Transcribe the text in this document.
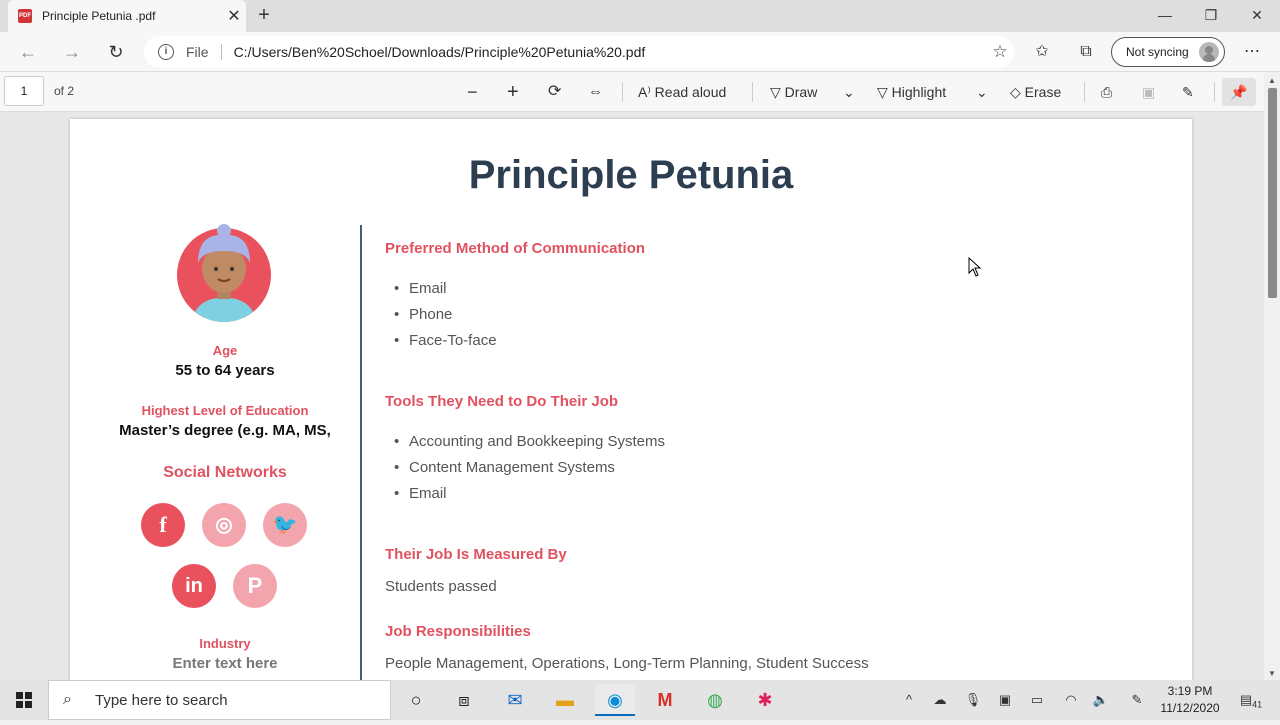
PDF Principle Petunia .pdf	✕ +	—	❐	✕
← →	↻	i	File	C:/Users/Ben%20Schoel/Downloads/Principle%20Petunia%20.pdf	☆	✩	⧉	Not syncing	⋯
1	of 2	− + ⟳ ⇔	A⁾ Read aloud	▽ Draw ⌄ ▽ Highlight ⌄ ◇ Erase	⎙ ▣ ✎	📌
Principle Petunia
Age
55 to 64 years
Highest Level of Education
Master’s degree (e.g. MA, MS,
Social Networks
f	◎	🐦
in	P
Industry
Enter text here
Preferred Method of Communication
• Email
• Phone
• Face-To-face
Tools They Need to Do Their Job
• Accounting and Bookkeeping Systems
• Content Management Systems
• Email
Their Job Is Measured By
Students passed
Job Responsibilities
People Management, Operations, Long-Term Planning, Student Success
▲
▼
⌕	Type here to search	○	⧈	✉	▬	◉	M	◍	✱	^	☁	🎙	▣	▭	◠	🔈	✎
3:19 PM
11/12/2020
$▤_{41}$
